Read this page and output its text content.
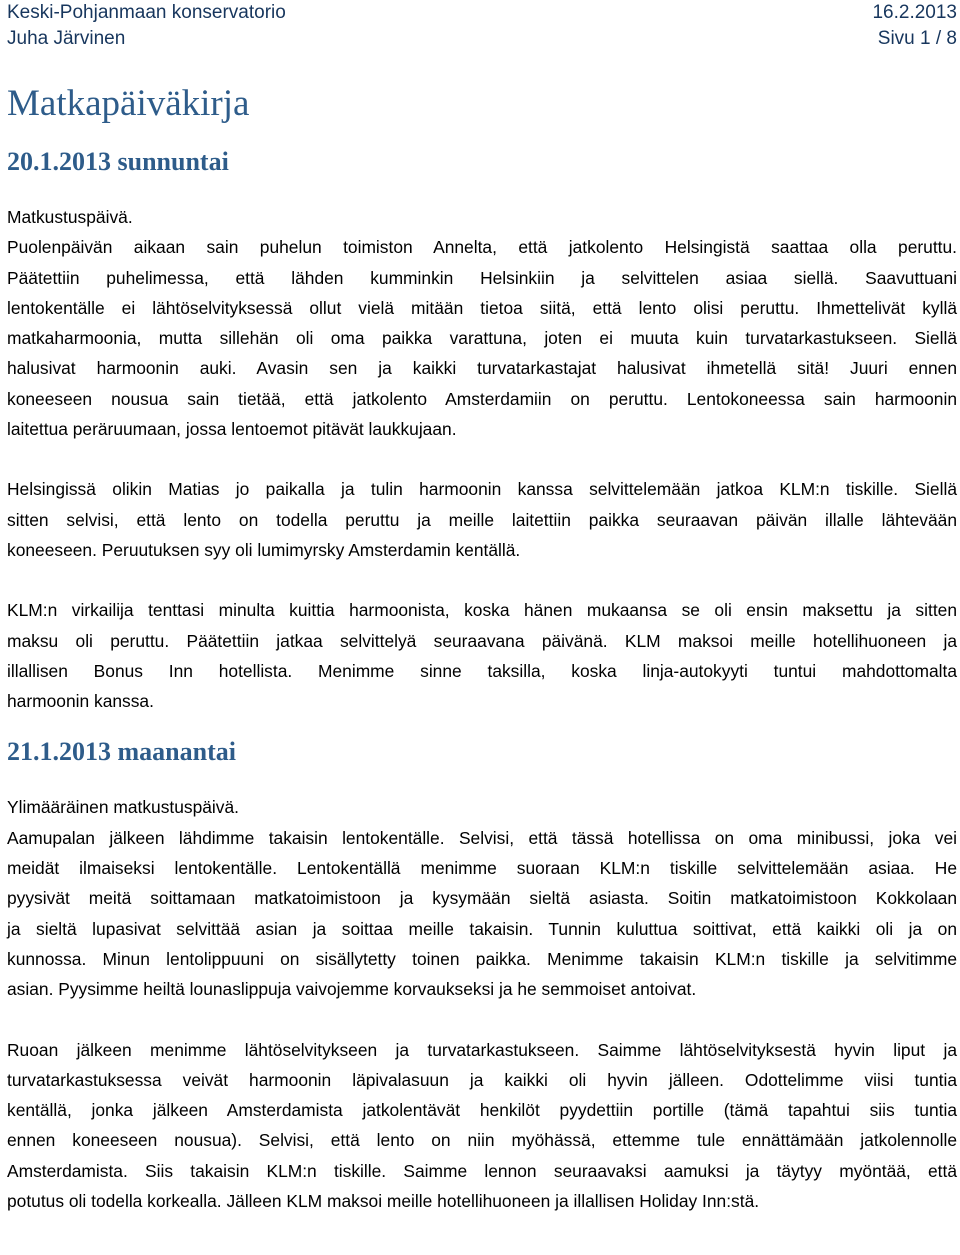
Keski-Pohjanmaan konservatorio	16.2.2013
Juha Järvinen	Sivu 1 / 8
Matkapäiväkirja
20.1.2013 sunnuntai

Matkustuspäivä.
Puolenpäivän aikaan sain puhelun toimiston Annelta, että jatkolento Helsingistä saattaa olla peruttu.
Päätettiin puhelimessa, että lähden kumminkin Helsinkiin ja selvittelen asiaa siellä. Saavuttuani
lentokentälle ei lähtöselvityksessä ollut vielä mitään tietoa siitä, että lento olisi peruttu. Ihmettelivät kyllä
matkaharmoonia, mutta sillehän oli oma paikka varattuna, joten ei muuta kuin turvatarkastukseen. Siellä
halusivat harmoonin auki. Avasin sen ja kaikki turvatarkastajat halusivat ihmetellä sitä! Juuri ennen
koneeseen nousua sain tietää, että jatkolento Amsterdamiin on peruttu. Lentokoneessa sain harmoonin
laitettua peräruumaan, jossa lentoemot pitävät laukkujaan.

Helsingissä olikin Matias jo paikalla ja tulin harmoonin kanssa selvittelemään jatkoa KLM:n tiskille. Siellä
sitten selvisi, että lento on todella peruttu ja meille laitettiin paikka seuraavan päivän illalle lähtevään
koneeseen. Peruutuksen syy oli lumimyrsky Amsterdamin kentällä.

KLM:n virkailija tenttasi minulta kuittia harmoonista, koska hänen mukaansa se oli ensin maksettu ja sitten
maksu oli peruttu. Päätettiin jatkaa selvittelyä seuraavana päivänä. KLM maksoi meille hotellihuoneen ja
illallisen Bonus Inn hotellista. Menimme sinne taksilla, koska linja-autokyyti tuntui mahdottomalta
harmoonin kanssa.

21.1.2013 maanantai

Ylimääräinen matkustuspäivä.
Aamupalan jälkeen lähdimme takaisin lentokentälle. Selvisi, että tässä hotellissa on oma minibussi, joka vei
meidät ilmaiseksi lentokentälle. Lentokentällä menimme suoraan KLM:n tiskille selvittelemään asiaa. He
pyysivät meitä soittamaan matkatoimistoon ja kysymään sieltä asiasta. Soitin matkatoimistoon Kokkolaan
ja sieltä lupasivat selvittää asian ja soittaa meille takaisin. Tunnin kuluttua soittivat, että kaikki oli ja on
kunnossa. Minun lentolippuuni on sisällytetty toinen paikka. Menimme takaisin KLM:n tiskille ja selvitimme
asian. Pyysimme heiltä lounaslippuja vaivojemme korvaukseksi ja he semmoiset antoivat.

Ruoan jälkeen menimme lähtöselvitykseen ja turvatarkastukseen. Saimme lähtöselvityksestä hyvin liput ja
turvatarkastuksessa veivät harmoonin läpivalasuun ja kaikki oli hyvin jälleen. Odottelimme viisi tuntia
kentällä, jonka jälkeen Amsterdamista jatkolentävät henkilöt pyydettiin portille (tämä tapahtui siis tuntia
ennen koneeseen nousua). Selvisi, että lento on niin myöhässä, ettemme tule ennättämään jatkolennolle
Amsterdamista. Siis takaisin KLM:n tiskille. Saimme lennon seuraavaksi aamuksi ja täytyy myöntää, että
potutus oli todella korkealla. Jälleen KLM maksoi meille hotellihuoneen ja illallisen Holiday Inn:stä.
